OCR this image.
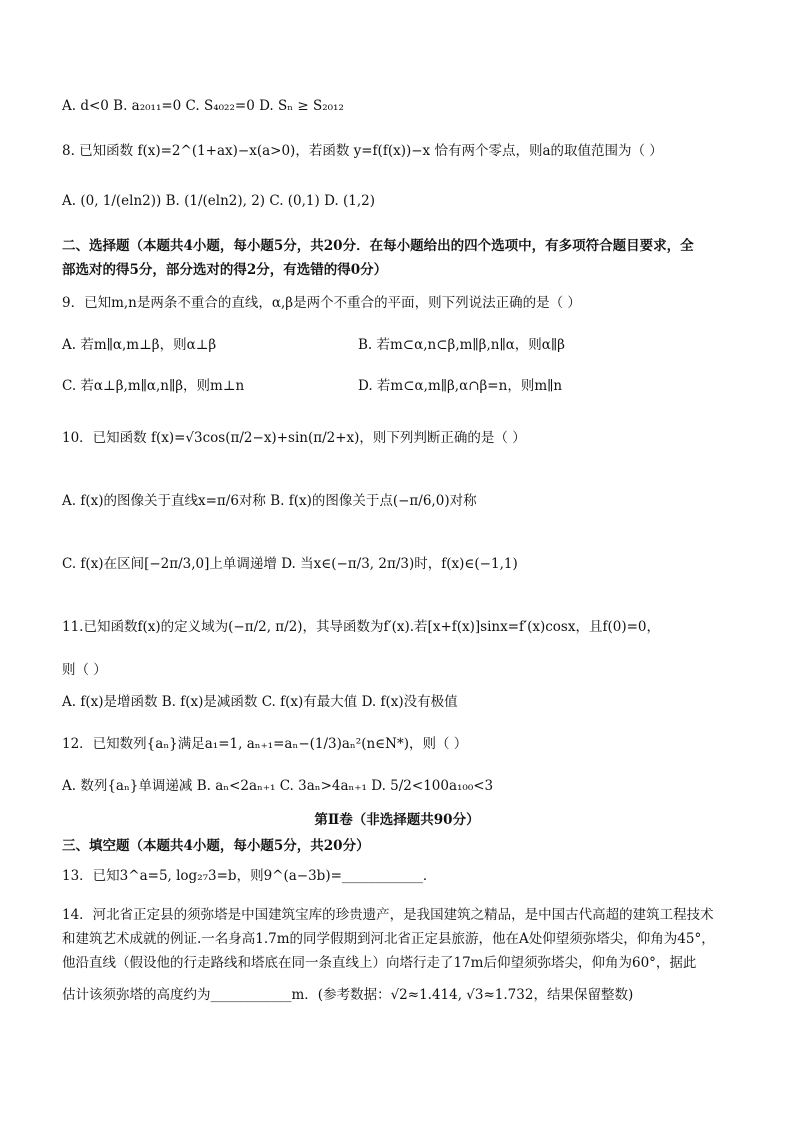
A. d<0 B. a₂₀₁₁=0 C. S₄₀₂₂=0 D. Sₙ ≥ S₂₀₁₂
8. 已知函数 f(x)=2^(1+ax)−x(a>0)，若函数 y=f(f(x))−x 恰有两个零点，则a的取值范围为（ ）
A. (0, 1/(eln2)) B. (1/(eln2), 2) C. (0,1) D. (1,2)
二、选择题（本题共4小题，每小题5分，共20分．在每小题给出的四个选项中，有多项符合题目要求，全
部选对的得5分，部分选对的得2分，有选错的得0分）
9．已知m,n是两条不重合的直线，α,β是两个不重合的平面，则下列说法正确的是（ ）
A. 若m∥α,m⊥β，则α⊥β	B. 若m⊂α,n⊂β,m∥β,n∥α，则α∥β
C. 若α⊥β,m∥α,n∥β，则m⊥n	D. 若m⊂α,m∥β,α∩β=n，则m∥n
10．已知函数 f(x)=√3cos(π/2−x)+sin(π/2+x)，则下列判断正确的是（ ）
A. f(x)的图像关于直线x=π/6对称 B. f(x)的图像关于点(−π/6,0)对称
C. f(x)在区间[−2π/3,0]上单调递增 D. 当x∈(−π/3, 2π/3)时，f(x)∈(−1,1)
11.已知函数f(x)的定义域为(−π/2, π/2)，其导函数为f′(x).若[x+f(x)]sinx=f′(x)cosx，且f(0)=0，
则（ ）
A. f(x)是增函数 B. f(x)是减函数 C. f(x)有最大值 D. f(x)没有极值
12．已知数列{aₙ}满足a₁=1, aₙ₊₁=aₙ−(1/3)aₙ²(n∈N*)，则（ ）
A. 数列{aₙ}单调递减 B. aₙ<2aₙ₊₁ C. 3aₙ>4aₙ₊₁ D. 5/2<100a₁₀₀<3
第Ⅱ卷（非选择题共90分）
三、填空题（本题共4小题，每小题5分，共20分）
13．已知3^a=5, log₂₇3=b，则9^(a−3b)=____________．
14．河北省正定县的须弥塔是中国建筑宝库的珍贵遗产，是我国建筑之精品，是中国古代高超的建筑工程技术
和建筑艺术成就的例证.一名身高1.7m的同学假期到河北省正定县旅游，他在A处仰望须弥塔尖，仰角为45°，
他沿直线（假设他的行走路线和塔底在同一条直线上）向塔行走了17m后仰望须弥塔尖，仰角为60°，据此
估计该须弥塔的高度约为____________m．(参考数据：√2≈1.414, √3≈1.732，结果保留整数)
